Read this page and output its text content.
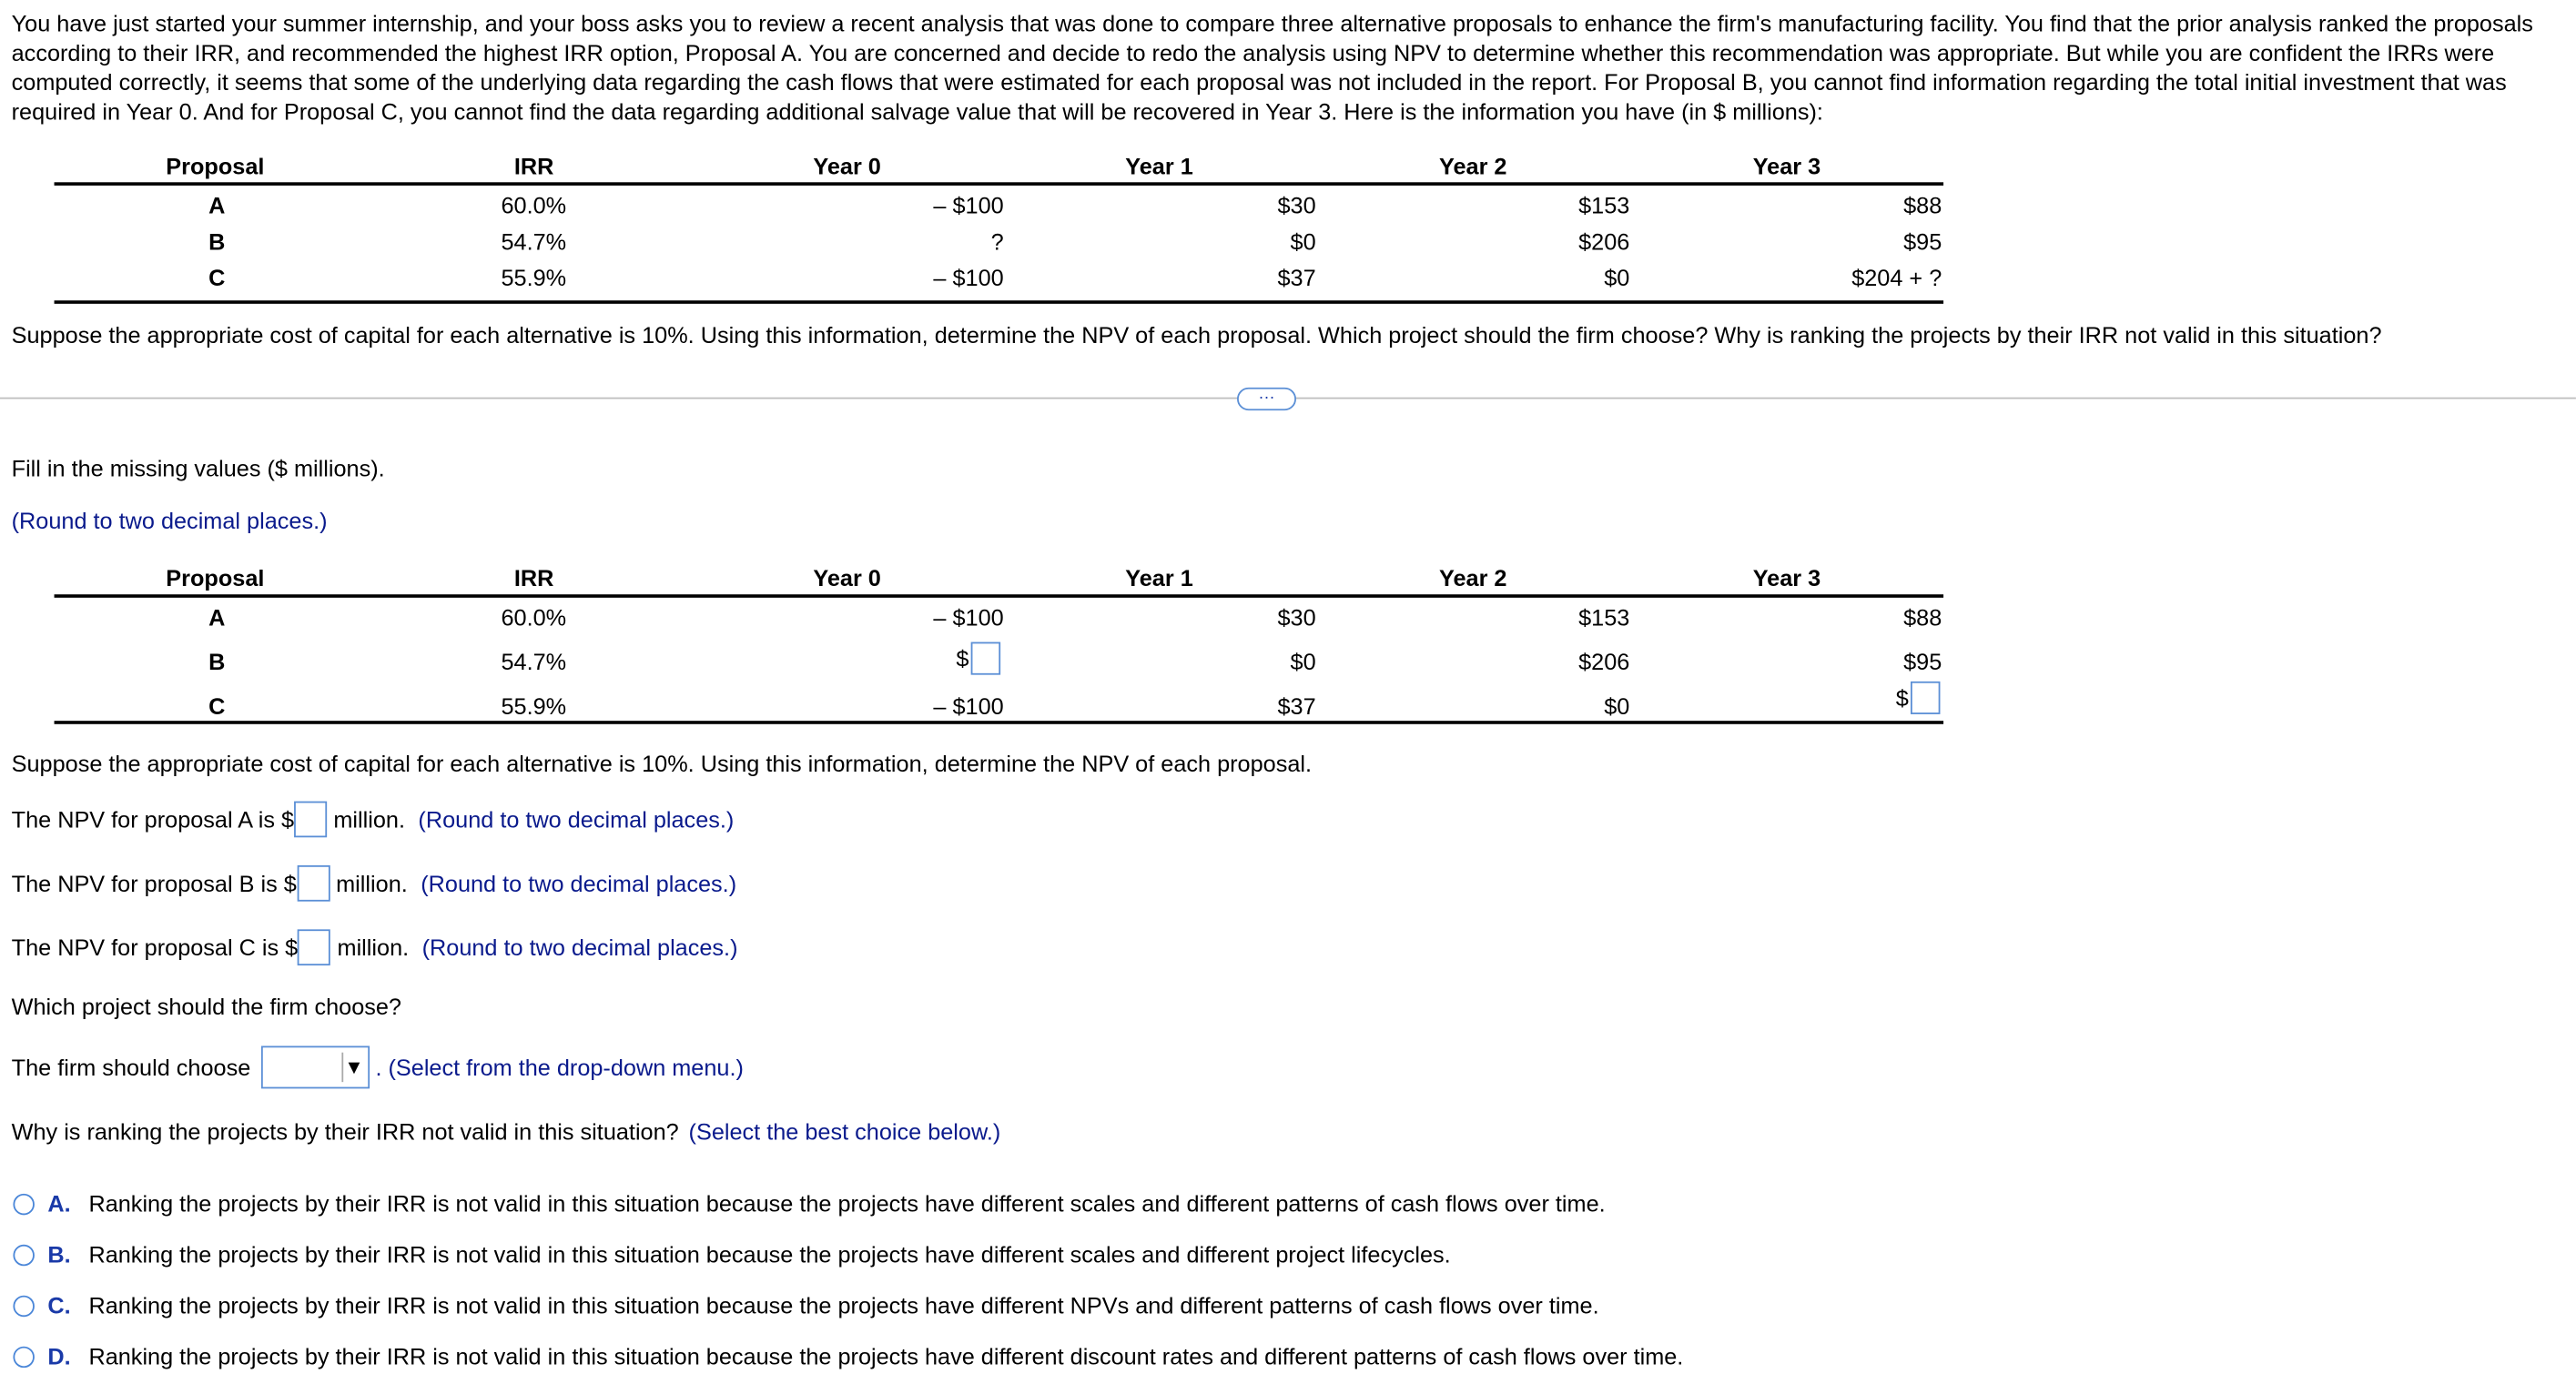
You have just started your summer internship, and your boss asks you to review a recent analysis that was done to compare three alternative proposals to enhance the firm's manufacturing facility. You find that the prior analysis ranked the proposals according to their IRR, and recommended the highest IRR option, Proposal A. You are concerned and decide to redo the analysis using NPV to determine whether this recommendation was appropriate. But while you are confident the IRRs were computed correctly, it seems that some of the underlying data regarding the cash flows that were estimated for each proposal was not included in the report. For Proposal B, you cannot find information regarding the total initial investment that was required in Year 0. And for Proposal C, you cannot find the data regarding additional salvage value that will be recovered in Year 3. Here is the information you have (in $ millions):
Proposal	IRR	Year 0	Year 1	Year 2	Year 3
A	60.0%	– $100	$30	$153	$88
B	54.7%	?	$0	$206	$95
C	55.9%	– $100	$37	$0	$204 + ?
Suppose the appropriate cost of capital for each alternative is 10%. Using this information, determine the NPV of each proposal. Which project should the firm choose? Why is ranking the projects by their IRR not valid in this situation?
···
Fill in the missing values ($ millions).
(Round to two decimal places.)
Proposal	IRR	Year 0	Year 1	Year 2	Year 3
A	60.0%	– $100	$30	$153	$88
B	54.7%	$	$0	$206	$95
C	55.9%	– $100	$37	$0	$
Suppose the appropriate cost of capital for each alternative is 10%. Using this information, determine the NPV of each proposal.
The NPV for proposal A is $	million. (Round to two decimal places.)
The NPV for proposal B is $	million. (Round to two decimal places.)
The NPV for proposal C is $	million. (Round to two decimal places.)
Which project should the firm choose?
The firm should choose	▼ . (Select from the drop-down menu.)
Why is ranking the projects by their IRR not valid in this situation? (Select the best choice below.)
A. Ranking the projects by their IRR is not valid in this situation because the projects have different scales and different patterns of cash flows over time.
B. Ranking the projects by their IRR is not valid in this situation because the projects have different scales and different project lifecycles.
C. Ranking the projects by their IRR is not valid in this situation because the projects have different NPVs and different patterns of cash flows over time.
D. Ranking the projects by their IRR is not valid in this situation because the projects have different discount rates and different patterns of cash flows over time.
